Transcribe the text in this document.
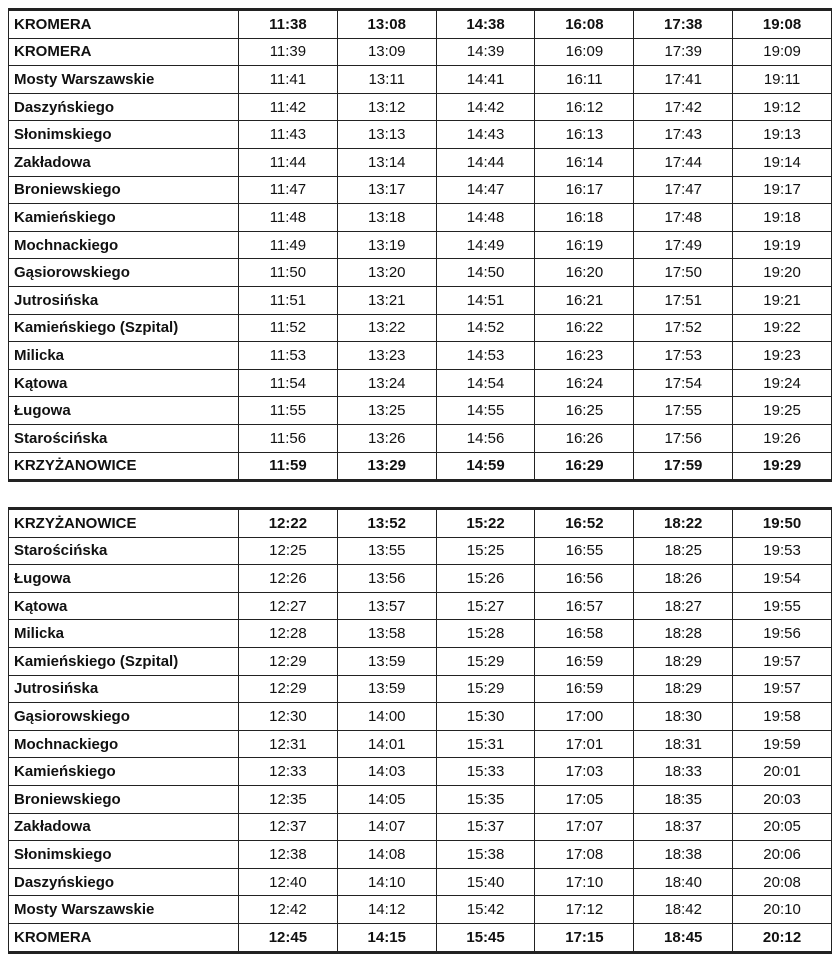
KROMERA	11:38	13:08	14:38	16:08	17:38	19:08
KROMERA	11:39	13:09	14:39	16:09	17:39	19:09
Mosty Warszawskie	11:41	13:11	14:41	16:11	17:41	19:11
Daszyńskiego	11:42	13:12	14:42	16:12	17:42	19:12
Słonimskiego	11:43	13:13	14:43	16:13	17:43	19:13
Zakładowa	11:44	13:14	14:44	16:14	17:44	19:14
Broniewskiego	11:47	13:17	14:47	16:17	17:47	19:17
Kamieńskiego	11:48	13:18	14:48	16:18	17:48	19:18
Mochnackiego	11:49	13:19	14:49	16:19	17:49	19:19
Gąsiorowskiego	11:50	13:20	14:50	16:20	17:50	19:20
Jutrosińska	11:51	13:21	14:51	16:21	17:51	19:21
Kamieńskiego (Szpital)	11:52	13:22	14:52	16:22	17:52	19:22
Milicka	11:53	13:23	14:53	16:23	17:53	19:23
Kątowa	11:54	13:24	14:54	16:24	17:54	19:24
Ługowa	11:55	13:25	14:55	16:25	17:55	19:25
Starościńska	11:56	13:26	14:56	16:26	17:56	19:26
KRZYŻANOWICE	11:59	13:29	14:59	16:29	17:59	19:29
KRZYŻANOWICE	12:22	13:52	15:22	16:52	18:22	19:50
Starościńska	12:25	13:55	15:25	16:55	18:25	19:53
Ługowa	12:26	13:56	15:26	16:56	18:26	19:54
Kątowa	12:27	13:57	15:27	16:57	18:27	19:55
Milicka	12:28	13:58	15:28	16:58	18:28	19:56
Kamieńskiego (Szpital)	12:29	13:59	15:29	16:59	18:29	19:57
Jutrosińska	12:29	13:59	15:29	16:59	18:29	19:57
Gąsiorowskiego	12:30	14:00	15:30	17:00	18:30	19:58
Mochnackiego	12:31	14:01	15:31	17:01	18:31	19:59
Kamieńskiego	12:33	14:03	15:33	17:03	18:33	20:01
Broniewskiego	12:35	14:05	15:35	17:05	18:35	20:03
Zakładowa	12:37	14:07	15:37	17:07	18:37	20:05
Słonimskiego	12:38	14:08	15:38	17:08	18:38	20:06
Daszyńskiego	12:40	14:10	15:40	17:10	18:40	20:08
Mosty Warszawskie	12:42	14:12	15:42	17:12	18:42	20:10
KROMERA	12:45	14:15	15:45	17:15	18:45	20:12
